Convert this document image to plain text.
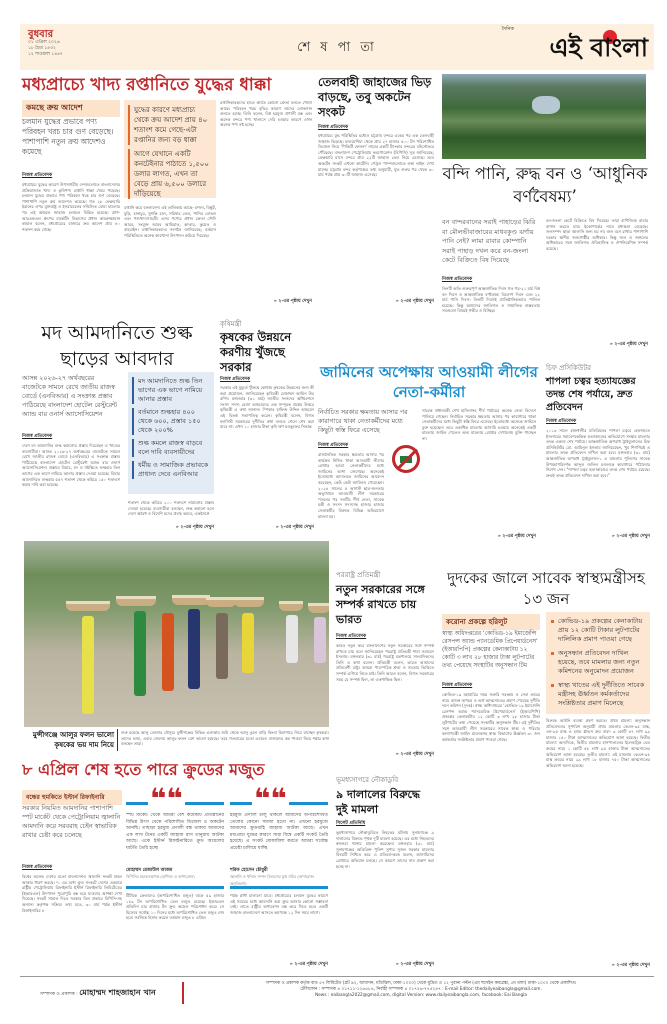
বুধবার
০১ এপ্রিল ২০২৬
১৮ চৈত্র ১৪৩২
১২ শাওয়াল ১৪৪৭	শে ষ পা তা
দৈনিক
এই বাংলা
মধ্যপ্রাচ্যে খাদ্য রপ্তানিতে যুদ্ধের ধাক্কা
কমছে ক্রয় আদেশ
চলমান যুদ্ধের প্রভাবে পণ্য পরিবহন খরচ চার গুণ বেড়েছে। পাশাপাশি নতুন ক্রয় আদেশও কমেছে
নিজস্ব প্রতিবেদক
মধ্যপ্রাচ্যে যুদ্ধের কারণে উপসাগরীয় দেশগুলোতে বাংলাদেশের প্রক্রিয়াজাত খাদ্য ও কৃষিপণ্য রপ্তানি ধাক্কা খেয়ে পড়েছে। চলমান যুদ্ধের প্রভাবে পণ্য পরিবহন খরচ চার গুণ বেড়েছে। পাশাপাশি নতুন ক্রয় আদেশও কমেছে। গত ২৮ ফেব্রুয়ারি ইরানের ওপর যুক্তরাষ্ট্র ও ইসরায়েলের সম্মিলিত বোমা হামলার পর এই অঞ্চলে জাহাজ চলাচল বিঘ্নিত হয়েছে। প্রাণ-আরএফএল গ্রুপের মার্কেটিং বিভাগের প্রধান কামরুজ্জামান কামাল বলেন, মধ্যপ্রাচ্যের বাজারে ক্রয় আদেশ প্রায় ৪০ শতাংশ কমে গেছে।
যুদ্ধের কারণে মধ্যপ্রাচ্য থেকে ক্রয় আদেশ প্রায় ৪০ শতাংশ কমে গেছে-এটা রপ্তানির জন্য বড় ধাক্কা
আগে যেখানে একটি কনটেইনার পাঠাতে ১,৫০০ ডলার লাগত, এখন তা বেড়ে প্রায় ৬,৫০০ ডলারে দাঁড়িয়েছে
রপ্তানি করে বাংলাদেশ। এই তালিকায় আছে- মশলা, বিস্কুট, মুড়ি, চানাচুর, সুগন্ধি চাল, সরিষার তেল, পানির বোতল এবং পশুখাদ্যসামগ্রী। এসব পণ্যের প্রধান ক্রেতা সৌদি আরব, সংযুক্ত আরব আমিরাত, কাতার, কুয়েত ও বাহরাইন। রপ্তানিকারকদের সংগঠন জানিয়েছে, বর্তমান পরিস্থিতিতে অনেক কারখানা উৎপাদন কমিয়ে দিয়েছে।
রপ্তানিকারকদের হাতে কার্যত কোনো ক্রেতা বলতে খোলা আছে। পরিবহন খরচ বৃদ্ধির কারণে তাদের লোকসান গুনতে হচ্ছে। তিনি বলেন, বিশ্ব হরমুজ প্রণালী বন্ধ এবং অনেক বন্দরে পণ্য খালাসে দেরি হওয়ার কারণে এখন অনেক পণ্য নষ্ট হচ্ছে।
» ২-এর পৃষ্ঠায় দেখুন
তেলবাহী জাহাজের ভিড় বাড়ছে, তবু অকটেন সংকট
নিজস্ব প্রতিবেদক
মধ্যপ্রাচ্যে যুদ্ধ পরিস্থিতির মধ্যেও চট্টগ্রাম বন্দরে একের পর এক তেলবাহী জাহাজ ভিড়ছে। মালয়েশিয়া থেকে প্রায় ২৭ হাজার ৫০০ টন পরিশোধিত ডিজেল নিয়ে ‘পিভিটি ফেলনা’ নামের একটি ট্যাংকার বন্দরের বহির্নোঙরে পৌঁছেছে। বাংলাদেশ পেট্রোলিয়াম করপোরেশন (বিপিসি) সূত্র জানিয়েছে, ফেব্রুয়ারি মাসে বন্দরে প্রায় ২২টি জাহাজ তেল নিয়ে এসেছে। তবে অকটেন সংকট এখনো কাটেনি। পেট্রল পাম্পগুলোতে লম্বা লাইন দেখা যাচ্ছে। চট্টগ্রাম বন্দর কর্তৃপক্ষের তথ্য অনুযায়ী, যুদ্ধ শুরুর পর থেকে ৩০ মার্চ পর্যন্ত প্রায় ৩০টি জাহাজ এসেছে।
» ২-এর পৃষ্ঠায় দেখুন
বন্দি পানি, রুদ্ধ বন ও ‘আধুনিক বর্ণবৈষম্য’
বন বান্দরবানের সরাই পাহাড়ের ঝিরি বা মৌলভীবাজারের মাধবকুণ্ড ঝর্ণায় পানি নেই? লামা রাবার কোম্পানি সরাই পাহাড় দখল করে বন-জংলা কেটে বিক্রিতে বিষ দিয়েছে
নিজস্ব প্রতিবেদক
তিনটি অতি গুরুত্বপূর্ণ আন্তর্জাতিক দিবস গত পর-২১ মার্চ বিশ্ব বন দিবস ও আন্তর্জাতিক বর্ণবৈষম্য বিলোপ দিবস এবং ২২ মার্চ পানি দিবস। তিনটি দিবসই প্রাতিষ্ঠানিকভাবে পালিত হয়েছে। কিন্তু আমাদের জাতিগত ও সামাজিক বাস্তবতায় সবগুলো বিষয়ই গভীর ও বিচ্ছিন্ন।
বন-জংলা কেটে বিক্রিতে বিষ দিয়েছে। তারা বাণিজ্যিক রাবার বাগান করতে চায়। ইকোপার্কের নামে মধ্যস্থতা বেড়েছে। জনসম্পদ ছাড়া জ্বালানি জন্য হয় না। জল বনে রাখার পাশাপাশি দরকার স্থানীয় জনগোষ্ঠীর অধিকার। কিন্তু জল ও জঙ্গলের অধিকারের সঙ্গে জাতিগত ঐতিহাসিক ও ঔপনিবেশিক সম্পর্ক রয়েছে।
» ২-এর পৃষ্ঠায় দেখুন
মদ আমদানিতে শুল্ক ছাড়ের আবদার
আসন্ন ২০২৬-২৭ অর্থবছরের বাজেটকে সামনে রেখে জাতীয় রাজস্ব বোর্ডে (এনবিআর) এ সংক্রান্ত প্রস্তাব পাঠিয়েছে বাংলাদেশ হোটেল রেস্টুরেন্ট অ্যান্ড বার ওনার্স অ্যাসোসিয়েশন
নিজস্ব প্রতিবেদক
দেশে মদ আমদানির শুল্ক কমানোর প্রস্তাব দিয়েছেন এ খাতের ব্যবসায়ীরা। আসন্ন ২০২৬-২৭ অর্থবছরের বাজেটকে সামনে রেখে জাতীয় রাজস্ব বোর্ডে (এনবিআর) এ সংক্রান্ত প্রস্তাব পাঠিয়েছে বাংলাদেশ হোটেল রেস্টুরেন্ট অ্যান্ড বার ওনার্স অ্যাসোসিয়েশন। প্রস্তাবে বিয়ার, মদ ও হুইস্কিতে শুল্কহার তিন ভাগের এক ভাগে নামিয়ে আনার প্রস্তাব দেওয়া হয়েছে। বিয়ার আমদানিতে শুল্কহার ৫৫৭ শতাংশ থেকে কমিয়ে ১৫০ শতাংশে করার দাবি করা হয়েছে।
মদ আমদানিতে শুল্ক তিন ভাগের এক ভাগে নামিয়ে আনার প্রস্তাব
বর্তমানে শুল্কহার ৪০০ থেকে ৬০০, প্রস্তাব ১৫০ থেকে ২০০%
শুল্ক কমলে রাজস্ব বাড়বে বলে দাবি ব্যবসায়ীদের
ধর্মীয় ও সামাজিক প্রভাবকে প্রাধান্য দেবে এনবিআর
শতাংশ থেকে কমিয়ে ২০০ শতাংশে নামানোর প্রস্তাব দেওয়া হয়েছে। ব্যবসায়ীরা বলছেন, শুল্ক কমানো হলে দেশে অবৈধ ও বিদেশি মদের প্রবাহ কমবে, একইসঙ্গে
» ২-এর পৃষ্ঠায় দেখুন
কৃষিমন্ত্রী
কৃষকের উন্নয়নে করণীয় খুঁজছে সরকার
নিজস্ব প্রতিবেদক
সরকার এই মুহূর্তে খুঁজছে কোথায় কৃষকের উন্নয়নের জন্য কী করা প্রয়োজন, জানিয়েছেন কৃষিমন্ত্রী মোহাম্মদ আমিন উর রশিদ। মঙ্গলবার (৩১ মার্চ) জাতীয় সংসদের অধিবেশনে সংসদ সদস্য রেজা আহমেদের এক সম্পূরক প্রশ্নের উত্তরে কৃষিমন্ত্রী এ কথা জানান। স্পিকার হাফিজ উদ্দিন আহমেদ এই বিতর্ক সভাপতিত্ব করেন। কৃষিমন্ত্রী বলেন, বিগত ফ্যাসিস্ট সরকারের দুর্নীতির কথা বলতে গেলে শেষ করা যাবে না। এখন ১০ হাজার টাকা কৃষি ঋণ মওকুফের সিদ্ধান্ত
» ২-এর পৃষ্ঠায় দেখুন
জামিনের অপেক্ষায় আওয়ামী লীগের নেতা-কর্মীরা
নির্বাচিত সরকার ক্ষমতায় আসার পর কারাগারে থাকা নেতাকর্মীদের মধ্যে কিছুটা স্বস্তি ফিরে এসেছে
নিজস্ব প্রতিবেদক
রাজনৈতিক সরকার ক্ষমতায় আসার পর কার্যক্রম নিষিদ্ধ থাকা আওয়ামী লীগের গ্রেপ্তার হওয়া নেতাকর্মীদের মধ্যে জামিনের আশা জেগেছে। অনেকেই ইতোমধ্যে আদালতে জামিনের আবেদন করেছেন, কেউ কেউ জামিনও পেয়েছেন। ২০২৪ সালের ৫ আগস্ট ছাত্র-জনতার অভ্যুত্থানে আওয়ামী লীগ সরকারের পতনের পর দলটির শীর্ষ নেতা, সাবেক মন্ত্রী ও সংসদ সদস্যসহ হাজার হাজার নেতাকর্মীর বিরুদ্ধে বিভিন্ন অভিযোগে মামলা হয়।
সাবেক প্রধানমন্ত্রী শেখ হাসিনাসহ শীর্ষ পর্যায়ের অনেক নেতা বিদেশে পালিয়ে গেছেন। নির্বাচিত সরকার ক্ষমতায় আসার পর কারাগারে থাকা নেতাকর্মীদের মধ্যে কিছুটা স্বস্তি ফিরে এসেছে। ইতোমধ্যে অনেকে জামিনে মুক্ত হয়েছেন। তবে একাধিক মামলায় আসামি হওয়ায় অনেকেই একটি মামলায় জামিন পেলেও অন্য মামলায় গ্রেপ্তার দেখানোয় মুক্তি পাচ্ছেন না।
» ২-এর পৃষ্ঠায় দেখুন
চিফ প্রসিকিউটর
শাপলা চত্বর হত্যাযজ্ঞের তদন্ত শেষ পর্যায়ে, দ্রুত প্রতিবেদন
নিজস্ব প্রতিবেদক
২০১৩ সালে রাজধানীর মতিঝিলের শাপলা চত্বরে হেফাজতে ইসলামের সমাবেশকেন্দ্রিক হত্যাকাণ্ডের অভিযোগে সংস্থার মামলার তদন্ত একদম শেষ পর্যায়ে। আন্তর্জাতিক অপরাধ ট্রাইব্যুনালের চিফ প্রসিকিউটর মো. আমিনুল ইসলাম জানিয়েছেন, খুব শিগগিরই এ মামলার তদন্ত প্রতিবেদন দাখিল করা হবে। মঙ্গলবার (৩১ মার্চ) আন্তর্জাতিক অপরাধ ট্রাইব্যুনাল-১ এ মামলায় পুলিশের সাবেক উপমহাপরিদর্শক আব্দুল জলিল মণ্ডলকে কারাগারে পাঠানোর নির্দেশ দেন। “শাপলা চত্বর হত্যাকাণ্ডের তদন্ত শেষ পর্যায়ে রয়েছে। দ্রুতই তদন্ত প্রতিবেদন দাখিল করা হবে।”
» ২-এর পৃষ্ঠায় দেখুন
মুন্সীগঞ্জে আলুর ফলন ভালো কৃষকের ভয় দাম নিয়ে
শুরু হয়েছে আলু তোলার মৌসুম। মুন্সীগঞ্জের বিভিন্ন এলাকায় জমি থেকে আলু তুলে বাড়ি কিংবা হিমাগারে নিয়ে যাচ্ছেন কৃষকরা। তাদের ভাষ্য, এবার জেলায় আলুর ফলন বেশ ভালো হয়েছে। তবে গতবারের মতো এবারও বাজারদর কম পাওয়া নিয়ে শঙ্কার কথা বলছেন তারা।
পররাষ্ট্র প্রতিমন্ত্রী
নতুন সরকারের সঙ্গে সম্পর্ক রাখতে চায় ভারত
নিজস্ব প্রতিবেদক
ভারত নতুন করে বাংলাদেশের নতুন সরকারের সঙ্গে সম্পর্ক রাখতে চায় বলে জানিয়েছেন পররাষ্ট্র প্রতিমন্ত্রী শামা ওবায়েদ ইসলাম। মঙ্গলবার (৩১ মার্চ) পররাষ্ট্র মন্ত্রণালয়ে সাংবাদিকদের তিনি এ কথা বলেন। প্রতিমন্ত্রী বলেন, ভারত আমাদের প্রতিবেশী রাষ্ট্র। আমরা পারস্পরিক শ্রদ্ধা ও সমতার ভিত্তিতে সম্পর্ক এগিয়ে নিতে চাই। তিনি আরও বলেন, বিগত সরকারের সময় যে সম্পর্ক ছিল, তা একপাক্ষিক ছিল।
» ২-এর পৃষ্ঠায় দেখুন
দুদকের জালে সাবেক স্বাস্থ্যমন্ত্রীসহ ১৩ জন
করোনা প্রকল্পে হরিলুট
স্বাস্থ্য অধিদপ্তরের ‘কোভিড-১৯ ইমার্জেন্সি রেসপন্স অ্যান্ড প্যানডেমিক প্রিপেয়ার্ডনেস’ (ইআরপিপি) প্রকল্পের কেনাকাটায় ১২ কোটি ৩ লাখ ২৮ হাজার টাকা লুটপাটের তথ্য পেয়েছে সংস্থাটির অনুসন্ধান টিম
নিজস্ব প্রতিবেদক
কোভিড-১৯ মহামারির সময় জরুরি সরঞ্জাম ও সেবা ক্রয়ের নামে রাজস্ব অপচয় ও অর্থ আত্মসাতের প্রমাণ পেয়েছে দুর্নীতি দমন কমিশন (দুদক)। স্বাস্থ্য অধিদপ্তরের ‘কোভিড-১৯ ইমার্জেন্সি রেসপন্স অ্যান্ড প্যানডেমিক প্রিপেয়ার্ডনেস’ (ইআরপিপি) প্রকল্পের কেনাকাটায় ১২ কোটি ৩ লাখ ২৮ হাজার টাকা লুটপাটের তথ্য পেয়েছে সংস্থাটির অনুসন্ধান টিম। এই দুর্নীতির সঙ্গে আওয়ামী লীগ সরকারের সাবেক স্বাস্থ্য ও পরিবার কল্যাণমন্ত্রী জাহিদ মালেকসহ স্বাস্থ্য বিভাগের ঊর্ধ্বতন ৩০ জন কর্মকর্তার সংশ্লিষ্টতার প্রমাণ পাওয়া গেছে।
কোভিড-১৯ প্রকল্পের কেনাকাটায় প্রায় ১২ কোটি টাকার লুটপাটের দালিলিক প্রমাণ পাওয়া গেছে
অনুসন্ধান প্রতিবেদন দাখিল হয়েছে, তবে মামলার জন্য নতুন কমিশনের অনুমোদন প্রয়োজন
স্বাস্থ্য খাতের এই দুর্নীতিতে সাবেক মন্ত্রীসহ ঊর্ধ্বতন কর্মকর্তাদের সংশ্লিষ্টতার প্রমাণ মিলেছে
বিরুদ্ধে আইনি ব্যবস্থা গ্রহণ করতে। প্রথম মামলা: অনুসন্ধান প্রতিবেদনের সুপারিশ অনুযায়ী প্রথম মামলায় কেএন-৯৫ মাস্ক, এন-৯৫ মাস্ক ও হ্যান্ড গ্লাভস ক্রয় বাবদ ৩ কোটি ৫৭ লাখ ৯৯ হাজার ১৫০ টাকা আত্মসাতের অভিযোগ আনা হয়েছে। দ্বিতীয় মামলা: অন্যদিকে, দ্বিতীয় মামলায় হাসপাতালের ইলেকট্রিক বেড ক্রয়ের নামে ১ কোটি ৫৮ লাখ ৯৫ হাজার টাকা আত্মসাতের অভিযোগ আনা হয়েছে। তৃতীয় মামলা: এই মামলায় কেএন-৯৫ মাস্ক ক্রয়ের নামে ২৯ লাখ ১৮ হাজার ৭৫০ টাকা আত্মসাতের অভিযোগ আনা হয়েছে।
» ২-এর পৃষ্ঠায় দেখুন
৮ এপ্রিল শেষ হতে পারে ক্রুডের মজুত
বন্ধের হুমকিতে ইস্টার্ন রিফাইনারি
সরকার নিয়মিত আমদানির পাশাপাশি স্পট মার্কেট থেকে পেট্রোলিয়াম জ্বালানি আমদানি করে সরবরাহ চেইন স্বাভাবিক রাখার চেষ্টা করে চলেছে
নিজস্ব প্রতিবেদক
বিশ্বের অনেক দেশের মতো বাংলাদেশও জ্বালানি সংকট প্রবল আকার ধারণ করছে। দ. এর মধ্যে ক্রুড সংকটে দেশের একমাত্র রাষ্ট্রীয় পেট্রোলিয়াম রিফাইনারি ইস্টার্ন রিফাইনারি লিমিটেডের (ইআরএল) উৎপাদন পুরোপুরি বন্ধ হয়ে যাওয়ার আশঙ্কা দেখা দিয়েছে। সংকট সামাল দিতে সরকার তিন প্রকারে বিপিসি-সহ অন্যান্য কর্তৃপক্ষ সক্রিয়। তথ্য মতে, ৩০ মার্চ পর্যন্ত ইস্টার্ন রিফাইনারির ৮
❝❝
স্পট মার্কেট থেকে আমরা বেশ কয়েকটি প্রতিষ্ঠানের বিভিন্ন উৎস থেকে পরিশোধিত ডিজেল ও অকটেন আনছি। তাছাড়া হরমুজ প্রণালী বন্ধ থাকায় আমাদের এক লাখ টনের একটি জাহাজ রাস তানুরায় আটকা আছে। একে ইস্টার্ন রিফাইনারিতে ক্রুড অয়েলের ঘাটতি তৈরি হচ্ছে
মোহাম্মদ রেজাউল আজম
বিপিসির মহাব্যবস্থাপক (বাণিজ্য ও অপারেশন)
টিটাকে ক্রেতাদের (অপরিশোধিত মজুত) বাকে ৫৯ হাজার ১৮৯ টন অপরিশোধিত তেল মজুত রয়েছে। ইআরএল প্রতিদিন চার হাজার টন ক্রুড অয়েল পরিশোধন করে। সে হিসেবে সর্বোচ্চ ১০ দিনের মধ্যে অপরিশোধিত তেল মজুত শেষ হবে। সর্বনিম্নে হিসাব করলে বর্তমান মজুত ৮ এপ্রিল
❝❝
হরমুজ প্রণালি চালু থাকলে আমাদের অপরিশোধিত তেলের কোনো সমস্যা হতো না। এখনো হরমুজে আমাদের ক্রুডবাহি জাহাজ আটকা আছে। এখন মধ্যপ্রাচ্য যুদ্ধের কারণে সারা বিশ্বে একটি সংকট তৈরি হয়েছে। এ সংকট মোকাবিলা করতে আমরা সর্বোচ্চ প্রচেষ্টা চালিয়ে যাচ্ছি
শরিফ হোসেন চৌধুরী
জ্বালানি ও খনিজ সম্পদ বিভাগের যুগ্ম সচিব (অপারেশন অনুবিভাগ)
পর্যন্ত প্লান্ট চালানো যাবে। মধ্যপ্রাচ্যের চলমান যুদ্ধের কারণে এই সময়ের মধ্যে আমদানি করা ক্রুড আসার কোনো সম্ভাবনা নেই। তাতে রাষ্ট্রীয় অপারেশন বন্ধ করে দিতে হবে। একটি জাহাজ বাংলাদেশে আসতে কমপক্ষে ১২ দিন সময় লাগে।
» ২-এর পৃষ্ঠায় দেখুন
ভূমধ্যসাগরে নৌকাডুবি
৯ দালালের বিরুদ্ধে দুই মামলা
সিলেট প্রতিনিধি
ভূমধ্যসাগরে নৌকাডুবিতে নিহতের ঘটনায় সুনামগঞ্জে ৯ দালালের বিরুদ্ধে পৃথক দুটি মামলা হয়েছে। এর মধ্যে নিহতদের স্বজনরা থানায় মামলা করেছেন। মঙ্গলবার (৩১ মার্চ) সুনামগঞ্জের অতিরিক্ত পুলিশ সুপার সুজন সরকার মামলার বিষয়টি নিশ্চিত করে এ প্রতিবেদককে বলেন, আসামিদের গ্রেপ্তারে অভিযান চলছে। সে কারণে তাদের নাম প্রকাশ করা হচ্ছে না।
» ২-এর পৃষ্ঠায় দেখুন
সম্পাদক ও প্রকাশক : মোহাম্মদ শাহজাহান খান
সম্পাদক ও প্রকাশক কর্তৃক বাড ৫৭ লিমিটেড (প্লট ৯২, আবাসন, মতিঝিল, ঢাকা-১০০০) থেকে মুদ্রিত ও ১২ পুরানা পল্টন (এম হুসেইন কমপ্লেক্স, ৫ম তলা) ঢাকা-১০০০ থেকে প্রকাশিত।
টেলিফোন : সম্পাদক ৪ ০১৭১১-১২৬৫৮৪, নির্বাহী সম্পাদক ৪ ০১৭২৬-৭৭৫২৪৭ : E-mail Editor: thedailyeaibangla@gmail.com.
News : eaibangla2022@gmail.com, digital Version: www.dailyeaibangla.com, facebook: Eai Bangla
